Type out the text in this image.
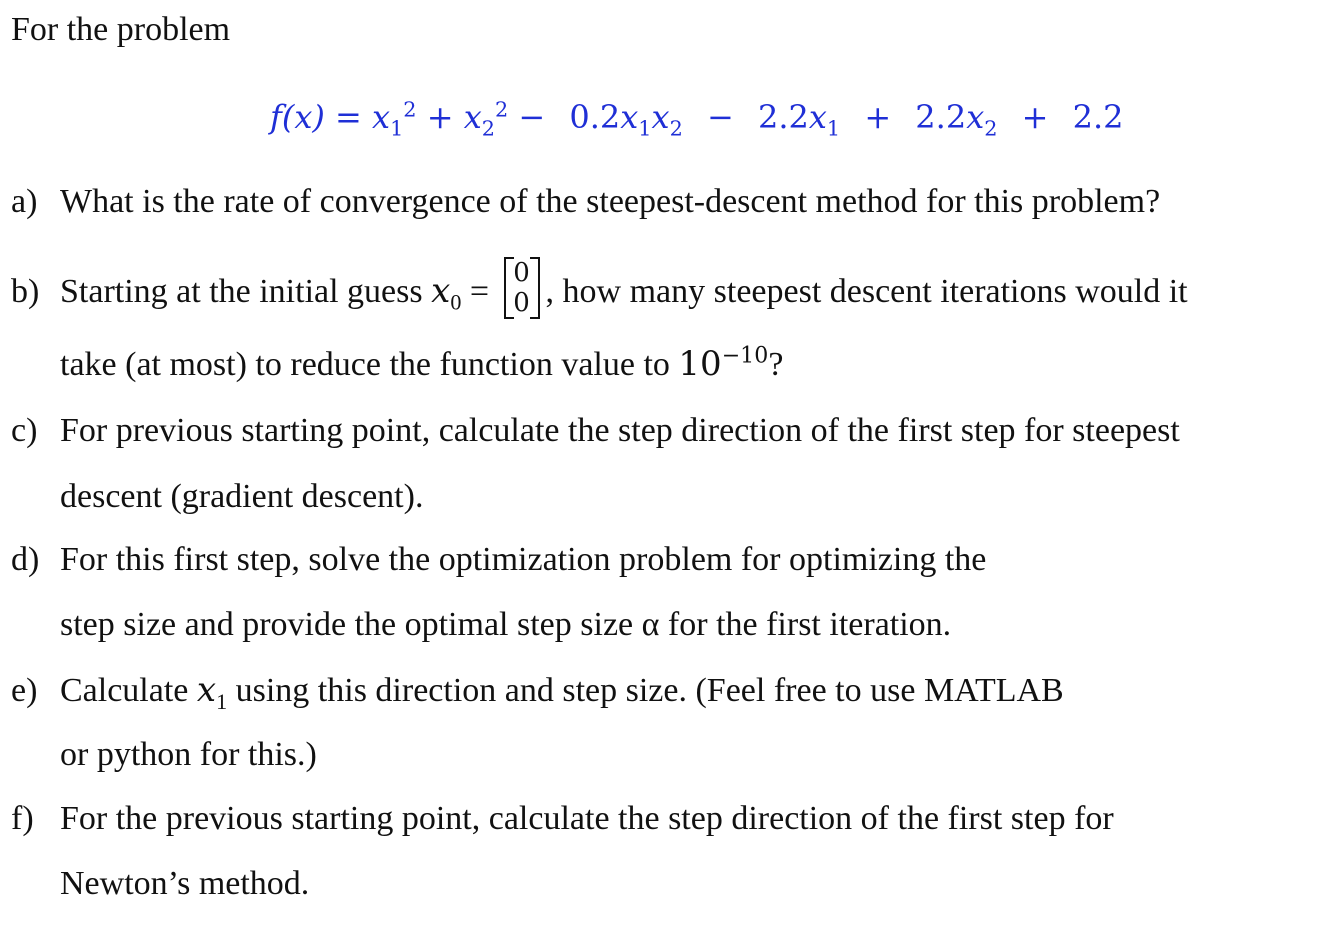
For the problem
$f(x) = x_1^2 + x_2^2 - 0.2x_1x_2 - 2.2x_1 + 2.2x_2 + 2.2$
a) What is the rate of convergence of the steepest-descent method for this problem?
b) Starting at the initial guess $x_0 = 0$
0 , how many steepest descent iterations would it
take (at most) to reduce the function value to $10^{-10}$?
c) For previous starting point, calculate the step direction of the first step for steepest
descent (gradient descent).
d) For this first step, solve the optimization problem for optimizing the
step size and provide the optimal step size α for the first iteration.
e) Calculate $x_1$ using this direction and step size. (Feel free to use MATLAB
or python for this.)
f) For the previous starting point, calculate the step direction of the first step for
Newton’s method.
